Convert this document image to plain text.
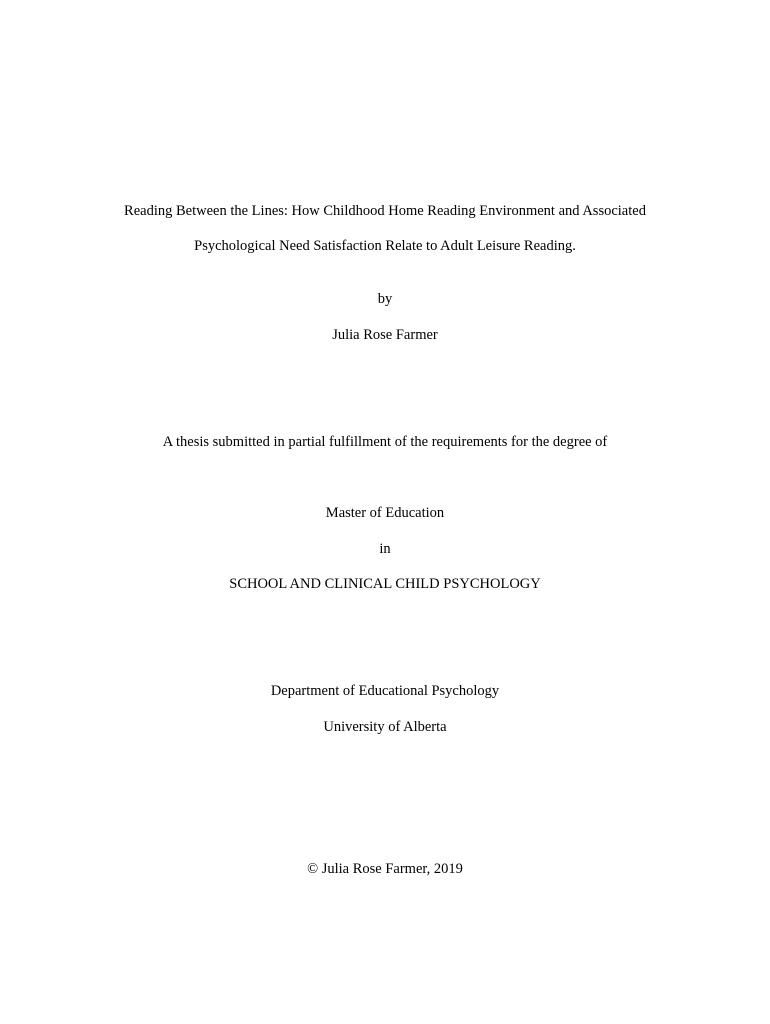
Reading Between the Lines: How Childhood Home Reading Environment and Associated
Psychological Need Satisfaction Relate to Adult Leisure Reading.
by
Julia Rose Farmer
A thesis submitted in partial fulfillment of the requirements for the degree of
Master of Education
in
SCHOOL AND CLINICAL CHILD PSYCHOLOGY
Department of Educational Psychology
University of Alberta
© Julia Rose Farmer, 2019
